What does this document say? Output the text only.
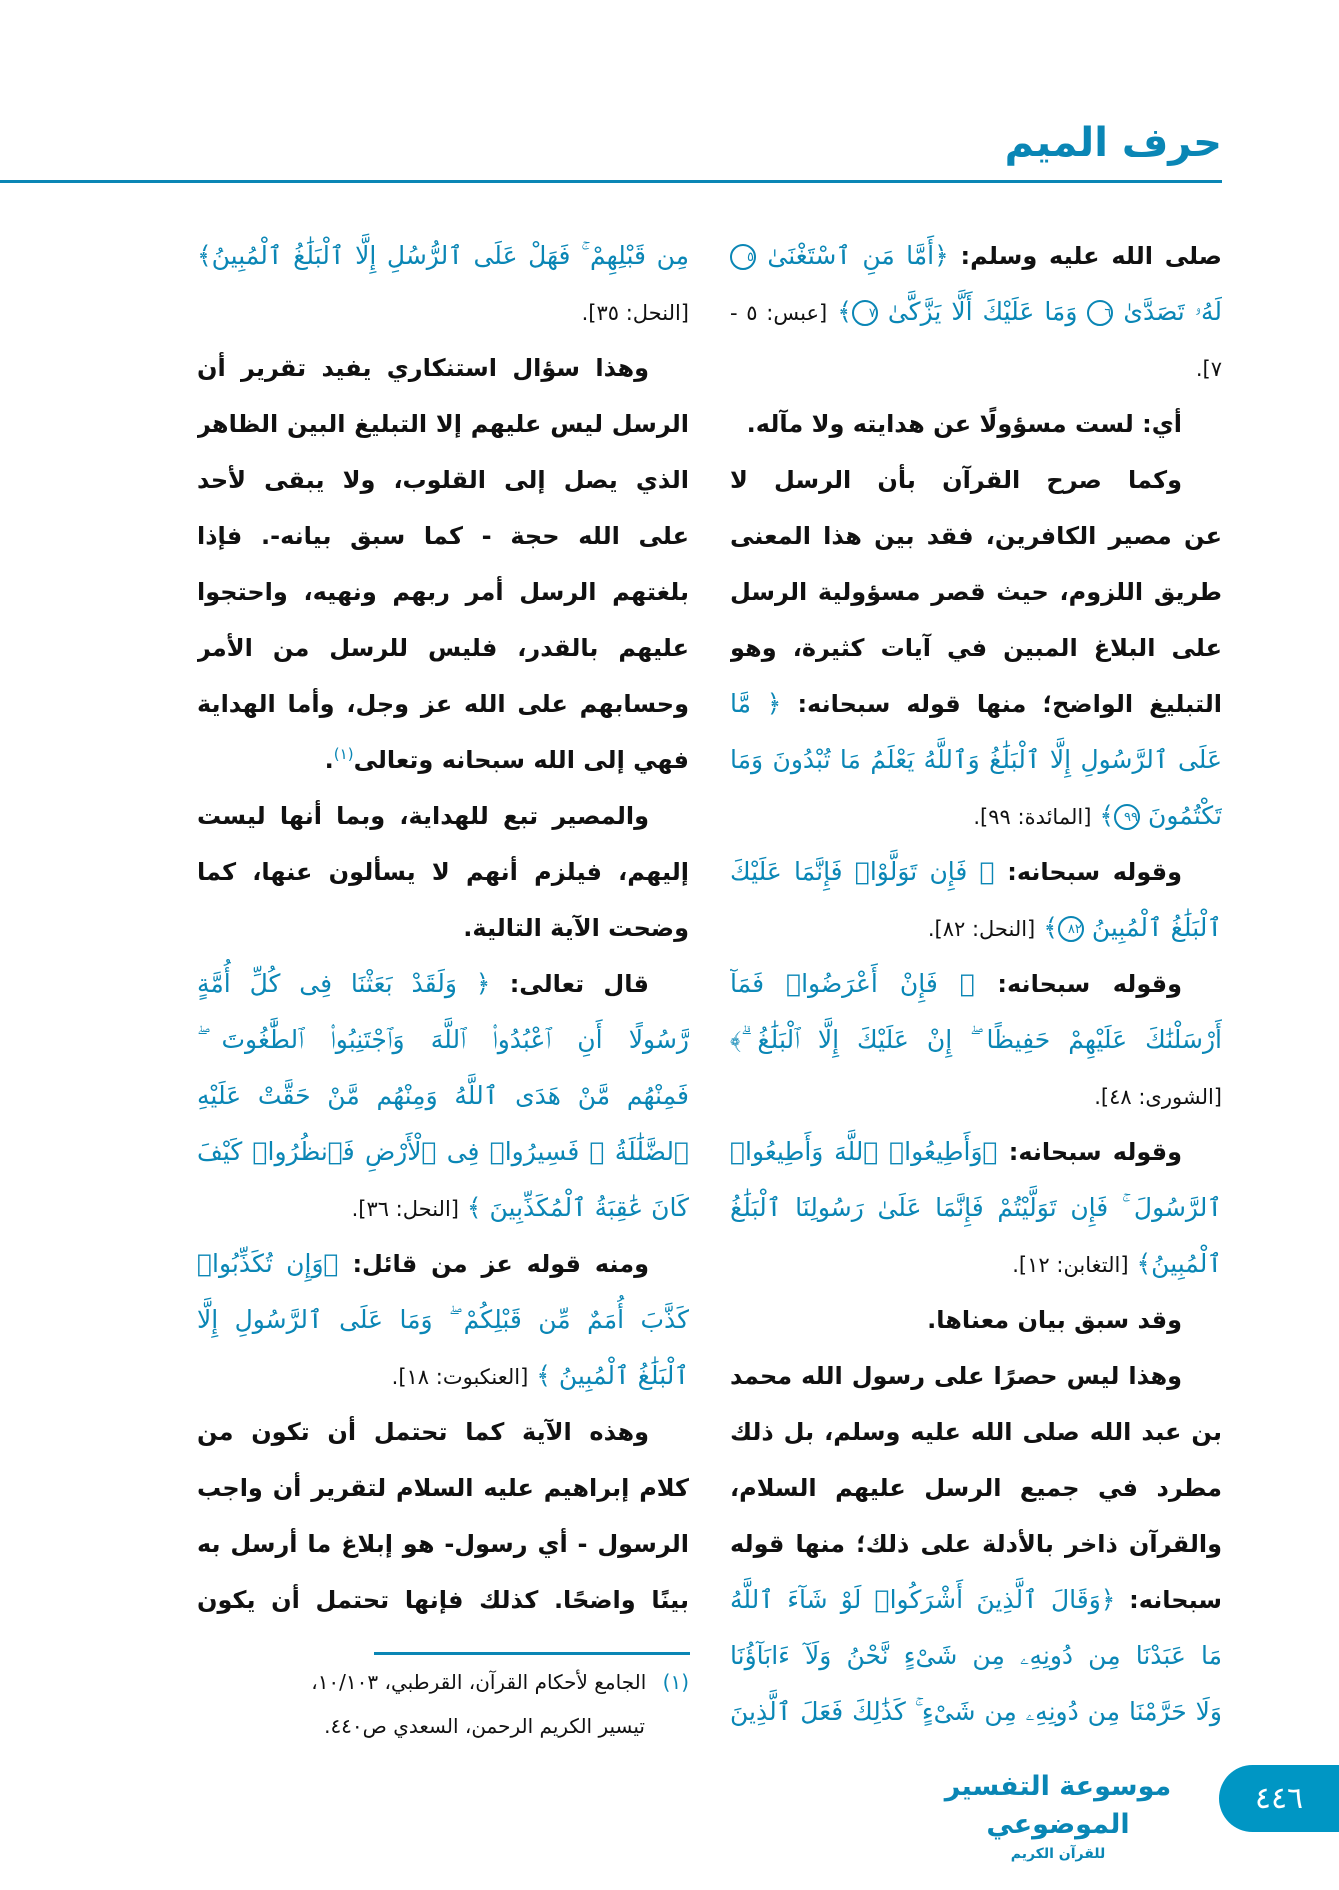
حرف الميم
صلى الله عليه وسلم: ﴿أَمَّا مَنِ ٱسْتَغْنَىٰ ٥
لَهُۥ تَصَدَّىٰ ٦ وَمَا عَلَيْكَ أَلَّا يَزَّكَّىٰ ٧﴾ [عبس: ٥ -
٧].
أي: لست مسؤولًا عن هدايته ولا مآله.
وكما صرح القرآن بأن الرسل لا
عن مصير الكافرين، فقد بين هذا المعنى
طريق اللزوم، حيث قصر مسؤولية الرسل
على البلاغ المبين في آيات كثيرة، وهو
التبليغ الواضح؛ منها قوله سبحانه: ﴿ مَّا
عَلَى ٱلرَّسُولِ إِلَّا ٱلْبَلَٰغُ وَٱللَّهُ يَعْلَمُ مَا تُبْدُونَ وَمَا
تَكْتُمُونَ ٩٩﴾ [المائدة: ٩٩].
وقوله سبحانه: ﴿ فَإِن تَوَلَّوْا۟ فَإِنَّمَا عَلَيْكَ
ٱلْبَلَٰغُ ٱلْمُبِينُ ٨٢﴾ [النحل: ٨٢].
وقوله سبحانه: ﴿ فَإِنْ أَعْرَضُوا۟ فَمَآ
أَرْسَلْنَٰكَ عَلَيْهِمْ حَفِيظًا ۖ إِنْ عَلَيْكَ إِلَّا ٱلْبَلَٰغُ ۗ﴾
[الشورى: ٤٨].
وقوله سبحانه: ﴿وَأَطِيعُوا۟ ٱللَّهَ وَأَطِيعُوا۟
ٱلرَّسُولَ ۚ فَإِن تَوَلَّيْتُمْ فَإِنَّمَا عَلَىٰ رَسُولِنَا ٱلْبَلَٰغُ
ٱلْمُبِينُ﴾ [التغابن: ١٢].
وقد سبق بيان معناها.
وهذا ليس حصرًا على رسول الله محمد
بن عبد الله صلى الله عليه وسلم، بل ذلك
مطرد في جميع الرسل عليهم السلام،
والقرآن ذاخر بالأدلة على ذلك؛ منها قوله
سبحانه: ﴿وَقَالَ ٱلَّذِينَ أَشْرَكُوا۟ لَوْ شَآءَ ٱللَّهُ
مَا عَبَدْنَا مِن دُونِهِۦ مِن شَىْءٍ نَّحْنُ وَلَآ ءَابَآؤُنَا
وَلَا حَرَّمْنَا مِن دُونِهِۦ مِن شَىْءٍ ۚ كَذَٰلِكَ فَعَلَ ٱلَّذِينَ
مِن قَبْلِهِمْ ۚ فَهَلْ عَلَى ٱلرُّسُلِ إِلَّا ٱلْبَلَٰغُ ٱلْمُبِينُ﴾
[النحل: ٣٥].
وهذا سؤال استنكاري يفيد تقرير أن
الرسل ليس عليهم إلا التبليغ البين الظاهر
الذي يصل إلى القلوب، ولا يبقى لأحد
على الله حجة - كما سبق بيانه-. فإذا
بلغتهم الرسل أمر ربهم ونهيه، واحتجوا
عليهم بالقدر، فليس للرسل من الأمر
وحسابهم على الله عز وجل، وأما الهداية
فهي إلى الله سبحانه وتعالى$^{(١)}$.
والمصير تبع للهداية، وبما أنها ليست
إليهم، فيلزم أنهم لا يسألون عنها، كما
وضحت الآية التالية.
قال تعالى: ﴿ وَلَقَدْ بَعَثْنَا فِى كُلِّ أُمَّةٍ
رَّسُولًا أَنِ ٱعْبُدُوا۟ ٱللَّهَ وَٱجْتَنِبُوا۟ ٱلطَّٰغُوتَ ۖ
فَمِنْهُم مَّنْ هَدَى ٱللَّهُ وَمِنْهُم مَّنْ حَقَّتْ عَلَيْهِ
ٱلضَّلَٰلَةُ ۚ فَسِيرُوا۟ فِى ٱلْأَرْضِ فَٱنظُرُوا۟ كَيْفَ
كَانَ عَٰقِبَةُ ٱلْمُكَذِّبِينَ ﴾ [النحل: ٣٦].
ومنه قوله عز من قائل: ﴿وَإِن تُكَذِّبُوا۟
كَذَّبَ أُمَمٌ مِّن قَبْلِكُمْ ۖ وَمَا عَلَى ٱلرَّسُولِ إِلَّا
ٱلْبَلَٰغُ ٱلْمُبِينُ ﴾ [العنكبوت: ١٨].
وهذه الآية كما تحتمل أن تكون من
كلام إبراهيم عليه السلام لتقرير أن واجب
الرسول - أي رسول- هو إبلاغ ما أرسل به
بينًا واضحًا. كذلك فإنها تحتمل أن يكون
(١) الجامع لأحكام القرآن، القرطبي، ١٠/١٠٣،
تيسير الكريم الرحمن، السعدي ص٤٤٠.
موسوعة التفسير الموضوعي
للقرآن الكريم
٤٤٦
